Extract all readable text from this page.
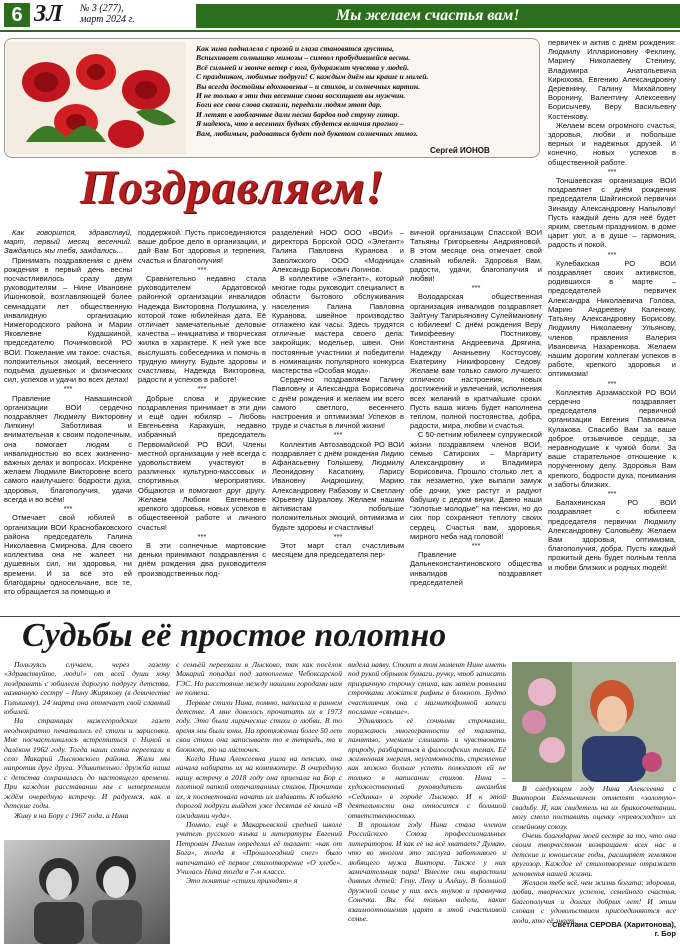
6 ЗЛ № 3 (277),
март 2024 г.	Мы желаем счастья вам!
Как зима подналела с прозой и глаза становятся грустны,
Вспыхивает солнышко мимозы – символ пробудившейся весны.
Всё сильней и звонче ветер с юга, будоражит чувства у людей.
С праздником, любимые подруги! С каждым днём вы краше и милей.
Вы всегда достойны вдохновенья – и стихов, и солнечных картин.
И не только в эти дни весенние снова восхищает вы мужчин.
Боги все свои слова сказали, передали людям этот дар.
И летят в заоблачные дали песни бардов под струну гитар.
Я надеюсь, что в весенних буднях сбудется величия прогноз –
Вам, любимым, радоваться будет под букетом солнечных мимоз.
Сергей ИОНОВ
Поздравляем!

первичек и актив с днём рождения: Людмилу Илларионовну Феклину, Марину Николаевну Стенину, Владимира Анатольевича Кирюхова, Евгению Александровну Деревнину, Галину Михайловну Воронину, Валентину Алексеевну Борисычеву, Веру Васильевну Костенкову.

Желаем всем огромного счастья, здоровья, любви и побольше верных и надёжных друзей. И конечно, новых успехов в общественной работе.

***

Тоншаевская организация ВОИ поздравляет с днём рождения председателя Шайгинской первички Зинаиду Александровну Напылову! Пусть каждый день для неё будет ярким, светлым праздником, в доме царит уют, а в душе – гармония, радость и покой.

***

Кулебакская РО ВОИ поздравляет своих активистов, родившихся в марте – председателей первичек Александра Николаевича Голова, Марию Андреевну Каленову, Татьяну Александровну Борисову, Людмилу Николаевну Ульянову, членов правления Валерия Ивановича Назаренкова. Желаем нашим дорогим коллегам успехов в работе, крепкого здоровья и оптимизма!

***

Коллектив Арзамасской РО ВОИ сердечно поздравляет председателя первичной организации Евгения Павловича Кулакова. Спасибо Вам за ваше доброе отзывчивое сердце, за неравнодушие к чужой боли. За ваше старательное отношение к порученному делу. Здоровья Вам крепкого, бодрости духа, понимания и заботы близких.

***

Балахнинская РО ВОИ поздравляет с юбилеем председателя первички Людмилу Александровну Соловьёву. Желаем Вам здоровья, оптимизма, благополучия, добра. Пусть каждый прожитый день будет полным тепла и любви близких и родных людей!

Как говорится, здравствуй, март, первый месяц весенний. Заждались мы тебя, заждались...

Принимать поздравления с днём рождения в первый день весны посчастливилось сразу двум руководителям – Нине Ивановне Ишонковой, возглавляющей более семнадцати лет общественную инвалидную организацию Нижегородского района и Марии Яковлевне Кудашкиной, председателю Починковской РО ВОИ. Пожелание им такое: счастья, положительных эмоций, весеннего подъёма душевных и физических сил, успехов и удачи во всех делах!

***

Правление Навашинской организации ВОИ сердечно поздравляет Людмилу Викторовну Липкину! Заботливая и внимательная к своим подопечным, она помогает людям с инвалидностью во всех жизненно-важных делах и вопросах. Искренне желаем Людмиле Викторовне всего самого наилучшего: бодрости духа, здоровья, благополучия, удачи всегда и во всём!

***

Отмечает свой юбилей в организации ВОИ Краснобаковского района председатель Галина Николаевна Смирнова. Для своего коллектива она не жалеет ни душевных сил, ни здоровья, ни времени. И за всё это ей благодарны односельчане, все те, кто обращается за помощью и

поддержкой. Пусть присоединяются ваше доброе дело в организации, и дай Вам Бог здоровья и терпения, счастья и благополучия!

***

Сравнительно недавно стала руководителем Ардатовской районной организации инвалидов Надежда Викторовна Полушкина, у которой тоже юбилейная дата. Её отличает замечательные деловые качества – инициатива и творческая жилка в характере. К ней уже все выслушать собеседника и помочь в трудную минуту. Будьте здоровы и счастливы, Надежда Викторовна, радости и успехов в работе!

***

Добрые слова и дружеские поздравления принимает в эти дни и ещё один юбиляр – Любовь Евгеньевна Каракушн, недавно избранный председатель Первомайской РО ВОИ. Члены местной организации у неё всегда с удовольствием участвуют в различных культурно-массовых и спортивных мероприятиях. Общаются и помогают друг другу. Желаем Любови Евгеньевне крепкого здоровья, новых успехов в общественной работе и личного счастья!

***

В эти солнечные мартовские деньки принимают поздравления с днём рождения два руководителя производственных под-

разделений НОО ООО «ВОИ» – директора Борской ООО «Элегант» Галина Павловна Куранова и Заволжского ООО «Модница» Александр Борисович Логинов.

В коллективе «Элегант», который многие годы руководит специалист в области бытового обслуживания населения Галина Павловна Куранова, швейное производство отлажено как часы. Здесь трудятся отличные мастера своего дела: закройщик, модельер, швеи. Они постоянные участники и победители в номинациях популярного конкурса мастерства «Особая мода».

Сердечно поздравляем Галину Павловну и Александра Борисовича с днём рождения и желаем им всего самого светлого, весеннего настроения и оптимизма! Успехов в труде и счастья в личной жизни!

***

Коллектив Автозаводской РО ВОИ поздравляет с днём рождения Лидию Афанасьевну Голышеву, Людмилу Леонидовну Касаткину, Ларису Ивановну Андрюшину, Марию Александровну Рабазову и Светлану Юрьевну Шуралову. Желаем нашим активистам побольше положительных эмоций, оптимизма и будьте здоровы и счастливы!

***

Этот март стал счастливым месяцем для председателя пер-

вичной организации Спасской ВОИ Татьяны Григорьевны Андрияновой. В этом месяце она отмечает свой славный юбилей. Здоровья Вам, радости, удачи, благополучия и любви!

***

Володарская общественная организация инвалидов поздравляет Зайтуну Тагирьяновну Сулеймановну с юбилеем! С днём рождения Веру Тимофеевну Постникову, Константина Андреевича Дрягина, Надежду Ананьевну Костоусову, Екатерину Никифоровну Седову. Желаем вам только самого лучшего: отличного настроения, новых достижений и увлечений, исполнения всех желаний в кратчайшие сроки. Пусть ваша жизнь будет наполнена теплом, полной постоянства, добра, радости, мира, любви и счастья.

С 50-летним юбилеем супружеской жизни поздравляем членов ВОИ, семью Сатирских – Маргариту Александровну и Владимира Борисовича. Прошло столько лет, а так незаметно, уже выпали замуж обе дочки, уже растут и радуют бабушку с дедом внуки. Давно наши "золотые молодые" на пенсии, но до сих пор сохраняют теплоту своих сердец. Счастья вам, здоровья, мирного неба над головой!

***

Правление Дальнеконстантиновского общества инвалидов поздравляет председателей

Судьбы её простое полотно

Пользуясь случаем, через газету «Здравствуйте, люди!» от всей души хочу поздравить с юбилеем дорогую подругу детства, названную сестру – Нину Жирякову (в девичестве Голышеву). 24 марта она отмечает свой славный юбилей.

На страницах нижегородских газет неоднократно печатались её стихи и зарисовки. Мне посчастливилось встретиться с Ниной в далёком 1962 году. Тогда наши семьи переехали в село Макарий Лысковского района. Жили мы напротив друг друга. Удивительно: дружба наша с детства сохранилась до настоящего времени. При каждом расставании мы с нетерпением ждём очередную встречу. И радуемся, как в детские годы.

Живу я на Бору с 1967 года, а Нина

с семьёй переехали в Лысково, так как посёлок Макарий попадал под затопление Чебоксарской ГЭС. Но расстояние между нашими городами нам не помеха.

Первые стихи Нина, помню, написала в раннем детстве. А мне довелось прочитать их в 1973 году. Это были лирические стихи о любви. В то время мы были юны. На протяжении более 50 лет свои стихи она записывает то в тетрадь, то в блокнот, то на листочек.

Когда Нина Алексеевна ушла на пенсию, она начала набирать их на компьютере. В очередную нашу встречу в 2018 году она приехала на Бор с плотной папкой отпечатанных стихов. Прочитав их, я посоветовала начать их издавать. К юбилею дорогой подруги выйдет уже десятая её книга «В ожидании чуда».

Помню, ещё в Макарьевской средней школе учитель русского языка и литературы Евгений Петрович Пчелин определил её талант: «как от Бога», тогда я «Прошлогодний снег» было напечатано её первое стихотворение «О хлебе». Училась Нина тогда в 7-м классе.

Это понятие «стихи приходят» я

видела наяву. Стоит в том момент Нине иметь под рукой обрывок бумаги, ручку, чтоб записать призрачную строчку стиха, как затем ровными строчками ложатся рифмы в блокнот. Будто счастливчик она с магнитофонной записи послание «свыше».

Удивляюсь её сочными строчками, поражаюсь многогранности её таланта, памятью, умением слышать и чувствовать природу, разбираться в философских темах. Её жизненная энергия, неугомонность, стремление как можно больше успеть помогают ей не только в написании стихов. Нина – художественный руководитель ансамбля «Сединка» в городе Лысково. И к этой деятельности она относится с большой ответственностью.

В прошлом году Нина стала членом Российского Союза профессиональных литераторов. И как её на всё хватает? Думаю, что во многом это заслуга заботливого и любящего мужа Виктора. Также у них замечательная пара! Вместе они вырастили дивных детей: Гену, Лену и Алёшу. В большой дружной семье у них весь внуков и правнучка Сонечка. Вы бы только видели, какие взаимоотношения царят в этой счастливой семье.

В следующем году Нина Алексеевна с Виктором Евгеньевичем отметят «золотую» свадьбу. Я, как свидетель на их бракосочетании, могу смело поставить оценку «превосходно» их семейному союзу.

Очень благодарна моей сестре за то, что она своим творчеством возвращает всех нас в детские и юношеские годы, расширяет земляков кругозор. Каждое её стихотворение отражает мгновенья нашей жизни.

Желаем тебе всё, чем жизнь богата: здоровья, любви, творческих успехов, семейного счастья, благополучия и долгих добрых лет! И этим словам с удовольствием присоединяются все люди, кто её знает.

Светлана СЕРОВА (Харитонова),
г. Бор
